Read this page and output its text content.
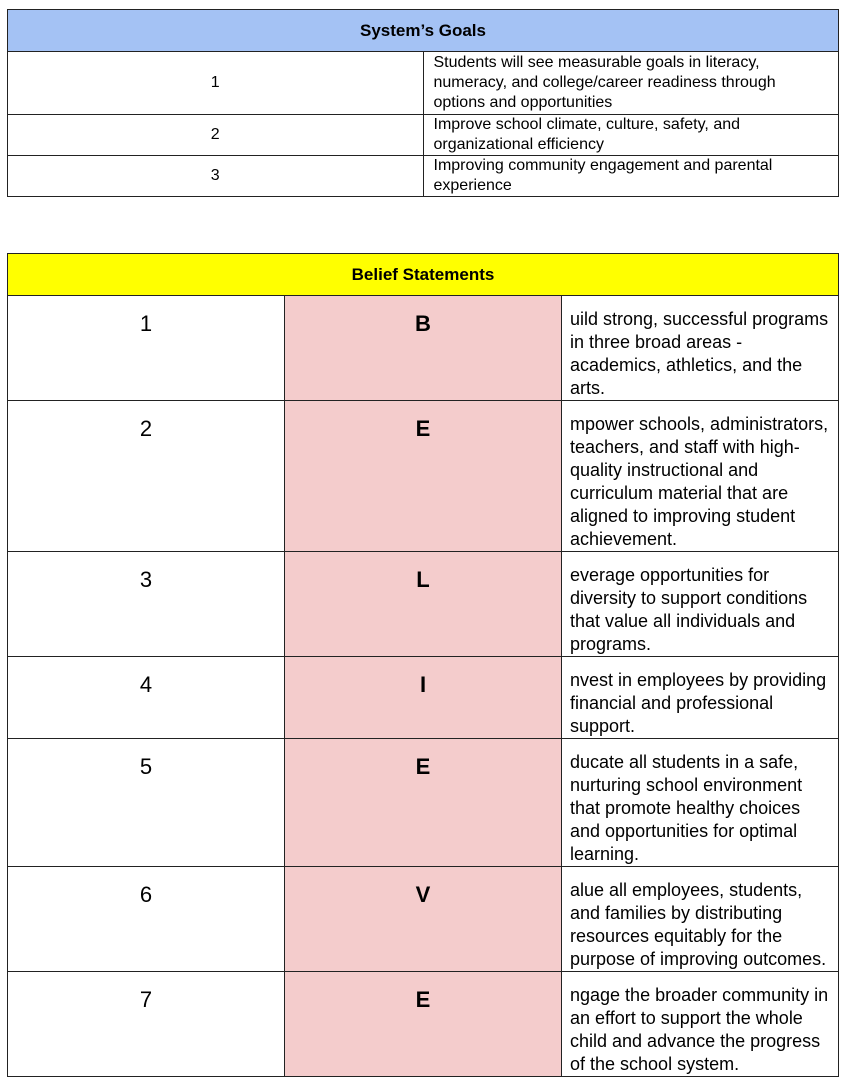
System’s Goals	
1	Students will see measurable goals in literacy, numeracy, and college/career readiness through options and opportunities
2	Improve school climate, culture, safety, and organizational efficiency
3	Improving community engagement and parental experience
Belief Statements		
1	B	uild strong, successful programs in three broad areas - academics, athletics, and the arts.
2	E	mpower schools, administrators, teachers, and staff with high-quality instructional and curriculum material that are aligned to improving student achievement.
3	L	everage opportunities for diversity to support conditions that value all individuals and programs.
4	I	nvest in employees by providing financial and professional support.
5	E	ducate all students in a safe, nurturing school environment that promote healthy choices and opportunities for optimal learning.
6	V	alue all employees, students, and families by distributing resources equitably for the purpose of improving outcomes.
7	E	ngage the broader community in an effort to support the whole child and advance the progress of the school system.
